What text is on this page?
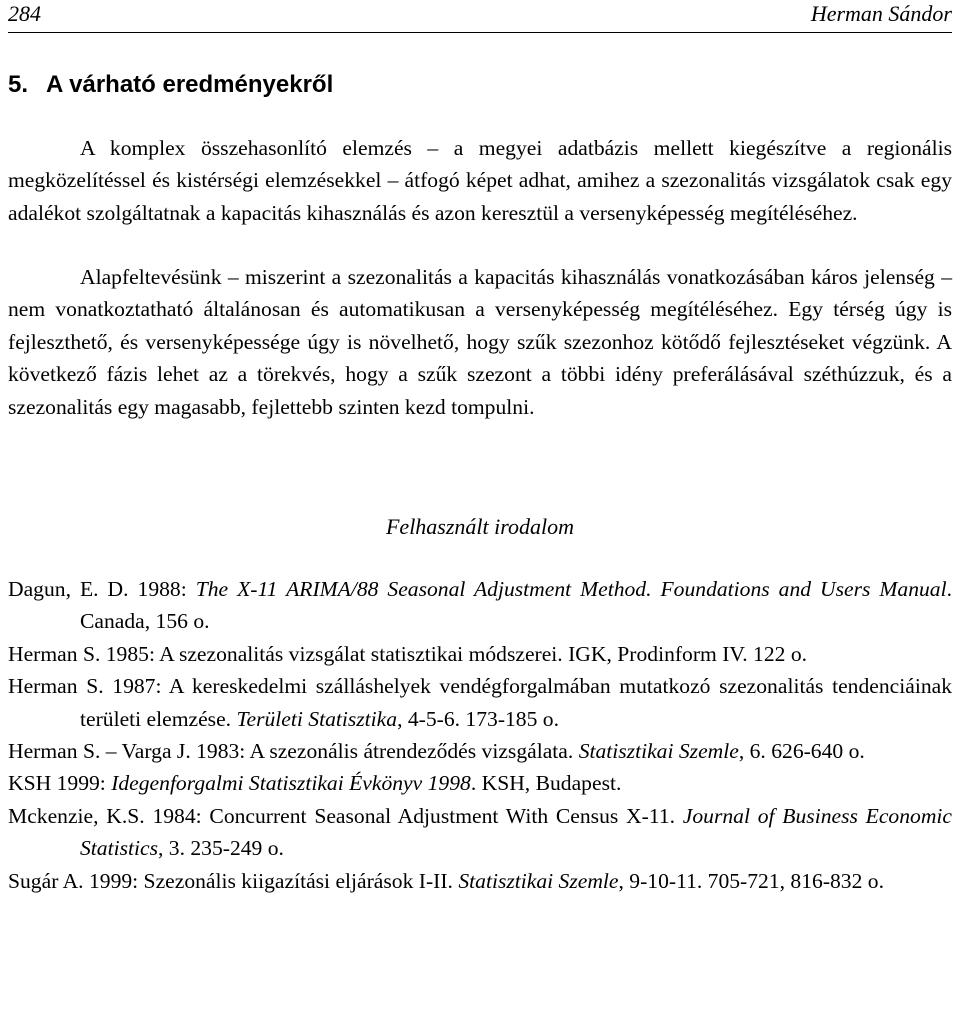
284	Herman Sándor
5. A várható eredményekről

A komplex összehasonlító elemzés – a megyei adatbázis mellett kiegészítve a regionális megközelítéssel és kistérségi elemzésekkel – átfogó képet adhat, amihez a szezonalitás vizsgálatok csak egy adalékot szolgáltatnak a kapacitás kihasználás és azon keresztül a versenyképesség megítéléséhez.

Alapfeltevésünk – miszerint a szezonalitás a kapacitás kihasználás vonatkozásában káros jelenség – nem vonatkoztatható általánosan és automatikusan a versenyképesség megítéléséhez. Egy térség úgy is fejleszthető, és versenyképessége úgy is növelhető, hogy szűk szezonhoz kötődő fejlesztéseket végzünk. A következő fázis lehet az a törekvés, hogy a szűk szezont a többi idény preferálásával széthúzzuk, és a szezonalitás egy magasabb, fejlettebb szinten kezd tompulni.

Felhasznált irodalom

Dagun, E. D. 1988: The X-11 ARIMA/88 Seasonal Adjustment Method. Foundations and Users Manual. Canada, 156 o.

Herman S. 1985: A szezonalitás vizsgálat statisztikai módszerei. IGK, Prodinform IV. 122 o.

Herman S. 1987: A kereskedelmi szálláshelyek vendégforgalmában mutatkozó szezonalitás tendenciáinak területi elemzése. Területi Statisztika, 4-5-6. 173-185 o.

Herman S. – Varga J. 1983: A szezonális átrendeződés vizsgálata. Statisztikai Szemle, 6. 626-640 o.

KSH 1999: Idegenforgalmi Statisztikai Évkönyv 1998. KSH, Budapest.

Mckenzie, K.S. 1984: Concurrent Seasonal Adjustment With Census X-11. Journal of Business Economic Statistics, 3. 235-249 o.

Sugár A. 1999: Szezonális kiigazítási eljárások I-II. Statisztikai Szemle, 9-10-11. 705-721, 816-832 o.
